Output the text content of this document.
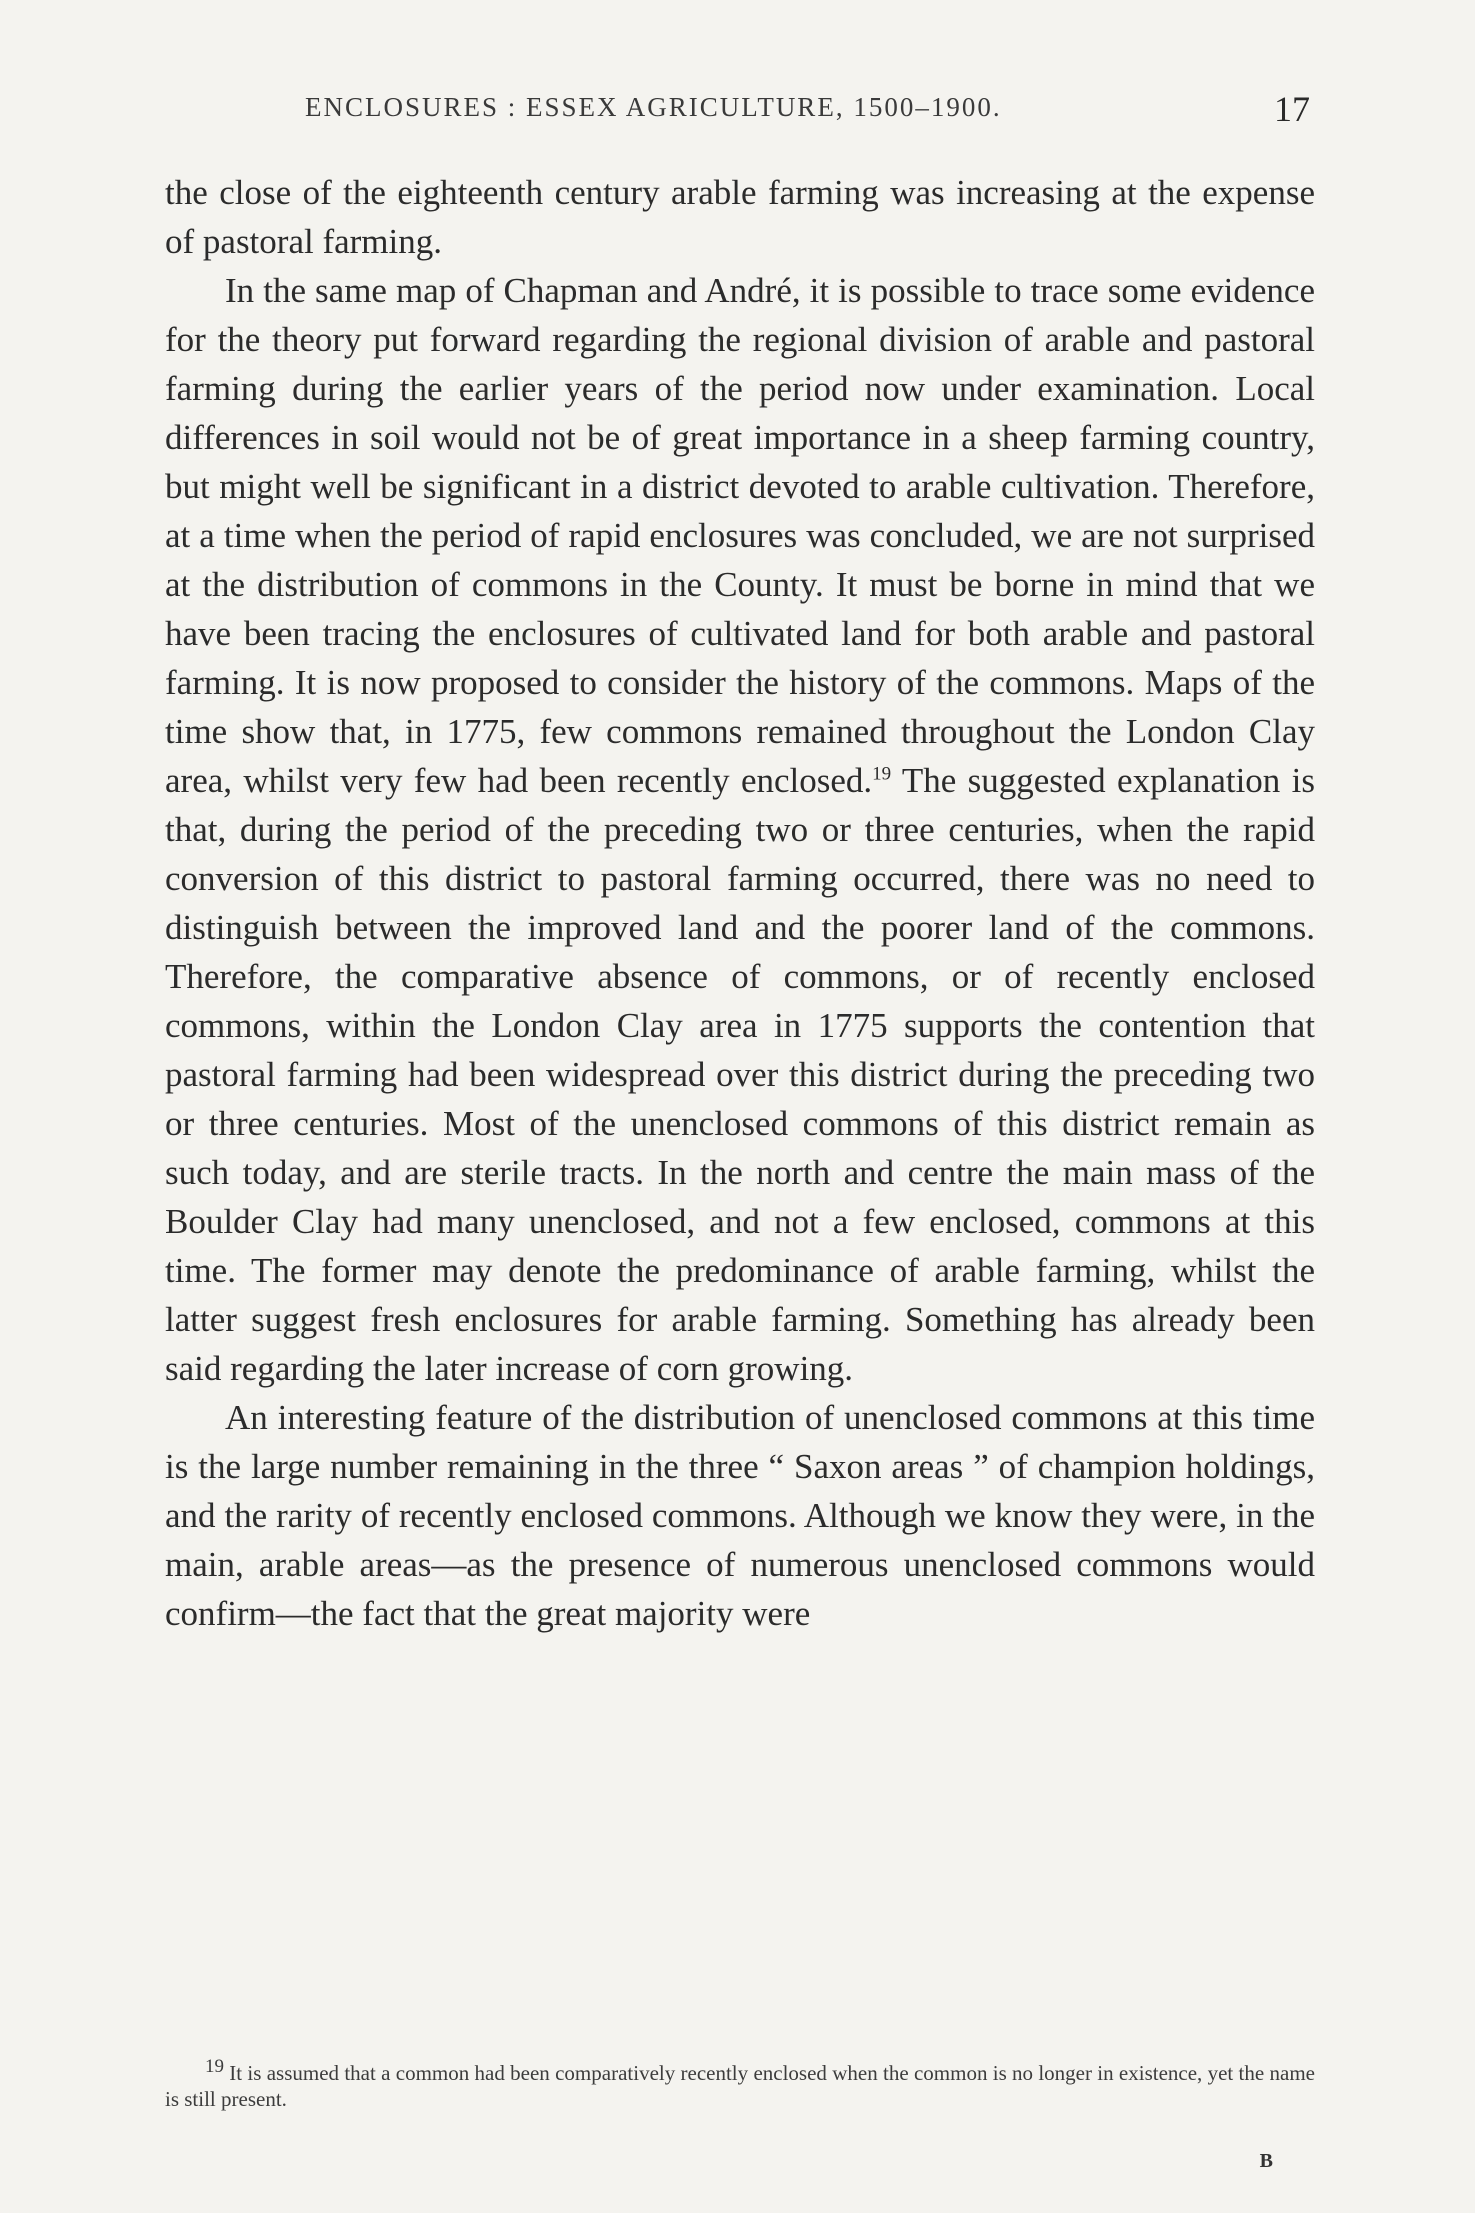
ENCLOSURES : ESSEX AGRICULTURE, 1500–1900.	17

the close of the eighteenth century arable farming was increasing at the expense of pastoral farming.

In the same map of Chapman and André, it is possible to trace some evidence for the theory put forward regarding the regional division of arable and pastoral farming during the earlier years of the period now under examination. Local differences in soil would not be of great importance in a sheep farming country, but might well be significant in a district devoted to arable cultivation. Therefore, at a time when the period of rapid enclosures was concluded, we are not surprised at the distribution of commons in the County. It must be borne in mind that we have been tracing the enclosures of cultivated land for both arable and pastoral farming. It is now proposed to consider the history of the commons. Maps of the time show that, in 1775, few commons remained throughout the London Clay area, whilst very few had been recently enclosed.$^{19}$ The suggested explanation is that, during the period of the preceding two or three centuries, when the rapid conversion of this district to pastoral farming occurred, there was no need to distinguish between the improved land and the poorer land of the commons. Therefore, the comparative absence of commons, or of recently enclosed commons, within the London Clay area in 1775 supports the contention that pastoral farming had been widespread over this district during the preceding two or three centuries. Most of the unenclosed commons of this district remain as such today, and are sterile tracts. In the north and centre the main mass of the Boulder Clay had many unenclosed, and not a few enclosed, commons at this time. The former may denote the predominance of arable farming, whilst the latter suggest fresh enclosures for arable farming. Something has already been said regarding the later increase of corn growing.

An interesting feature of the distribution of unenclosed commons at this time is the large number remaining in the three “ Saxon areas ” of champion holdings, and the rarity of recently enclosed commons. Although we know they were, in the main, arable areas—as the presence of numerous unenclosed commons would confirm—the fact that the great majority were

19 It is assumed that a common had been comparatively recently enclosed when the common is no longer in existence, yet the name is still present.
B
